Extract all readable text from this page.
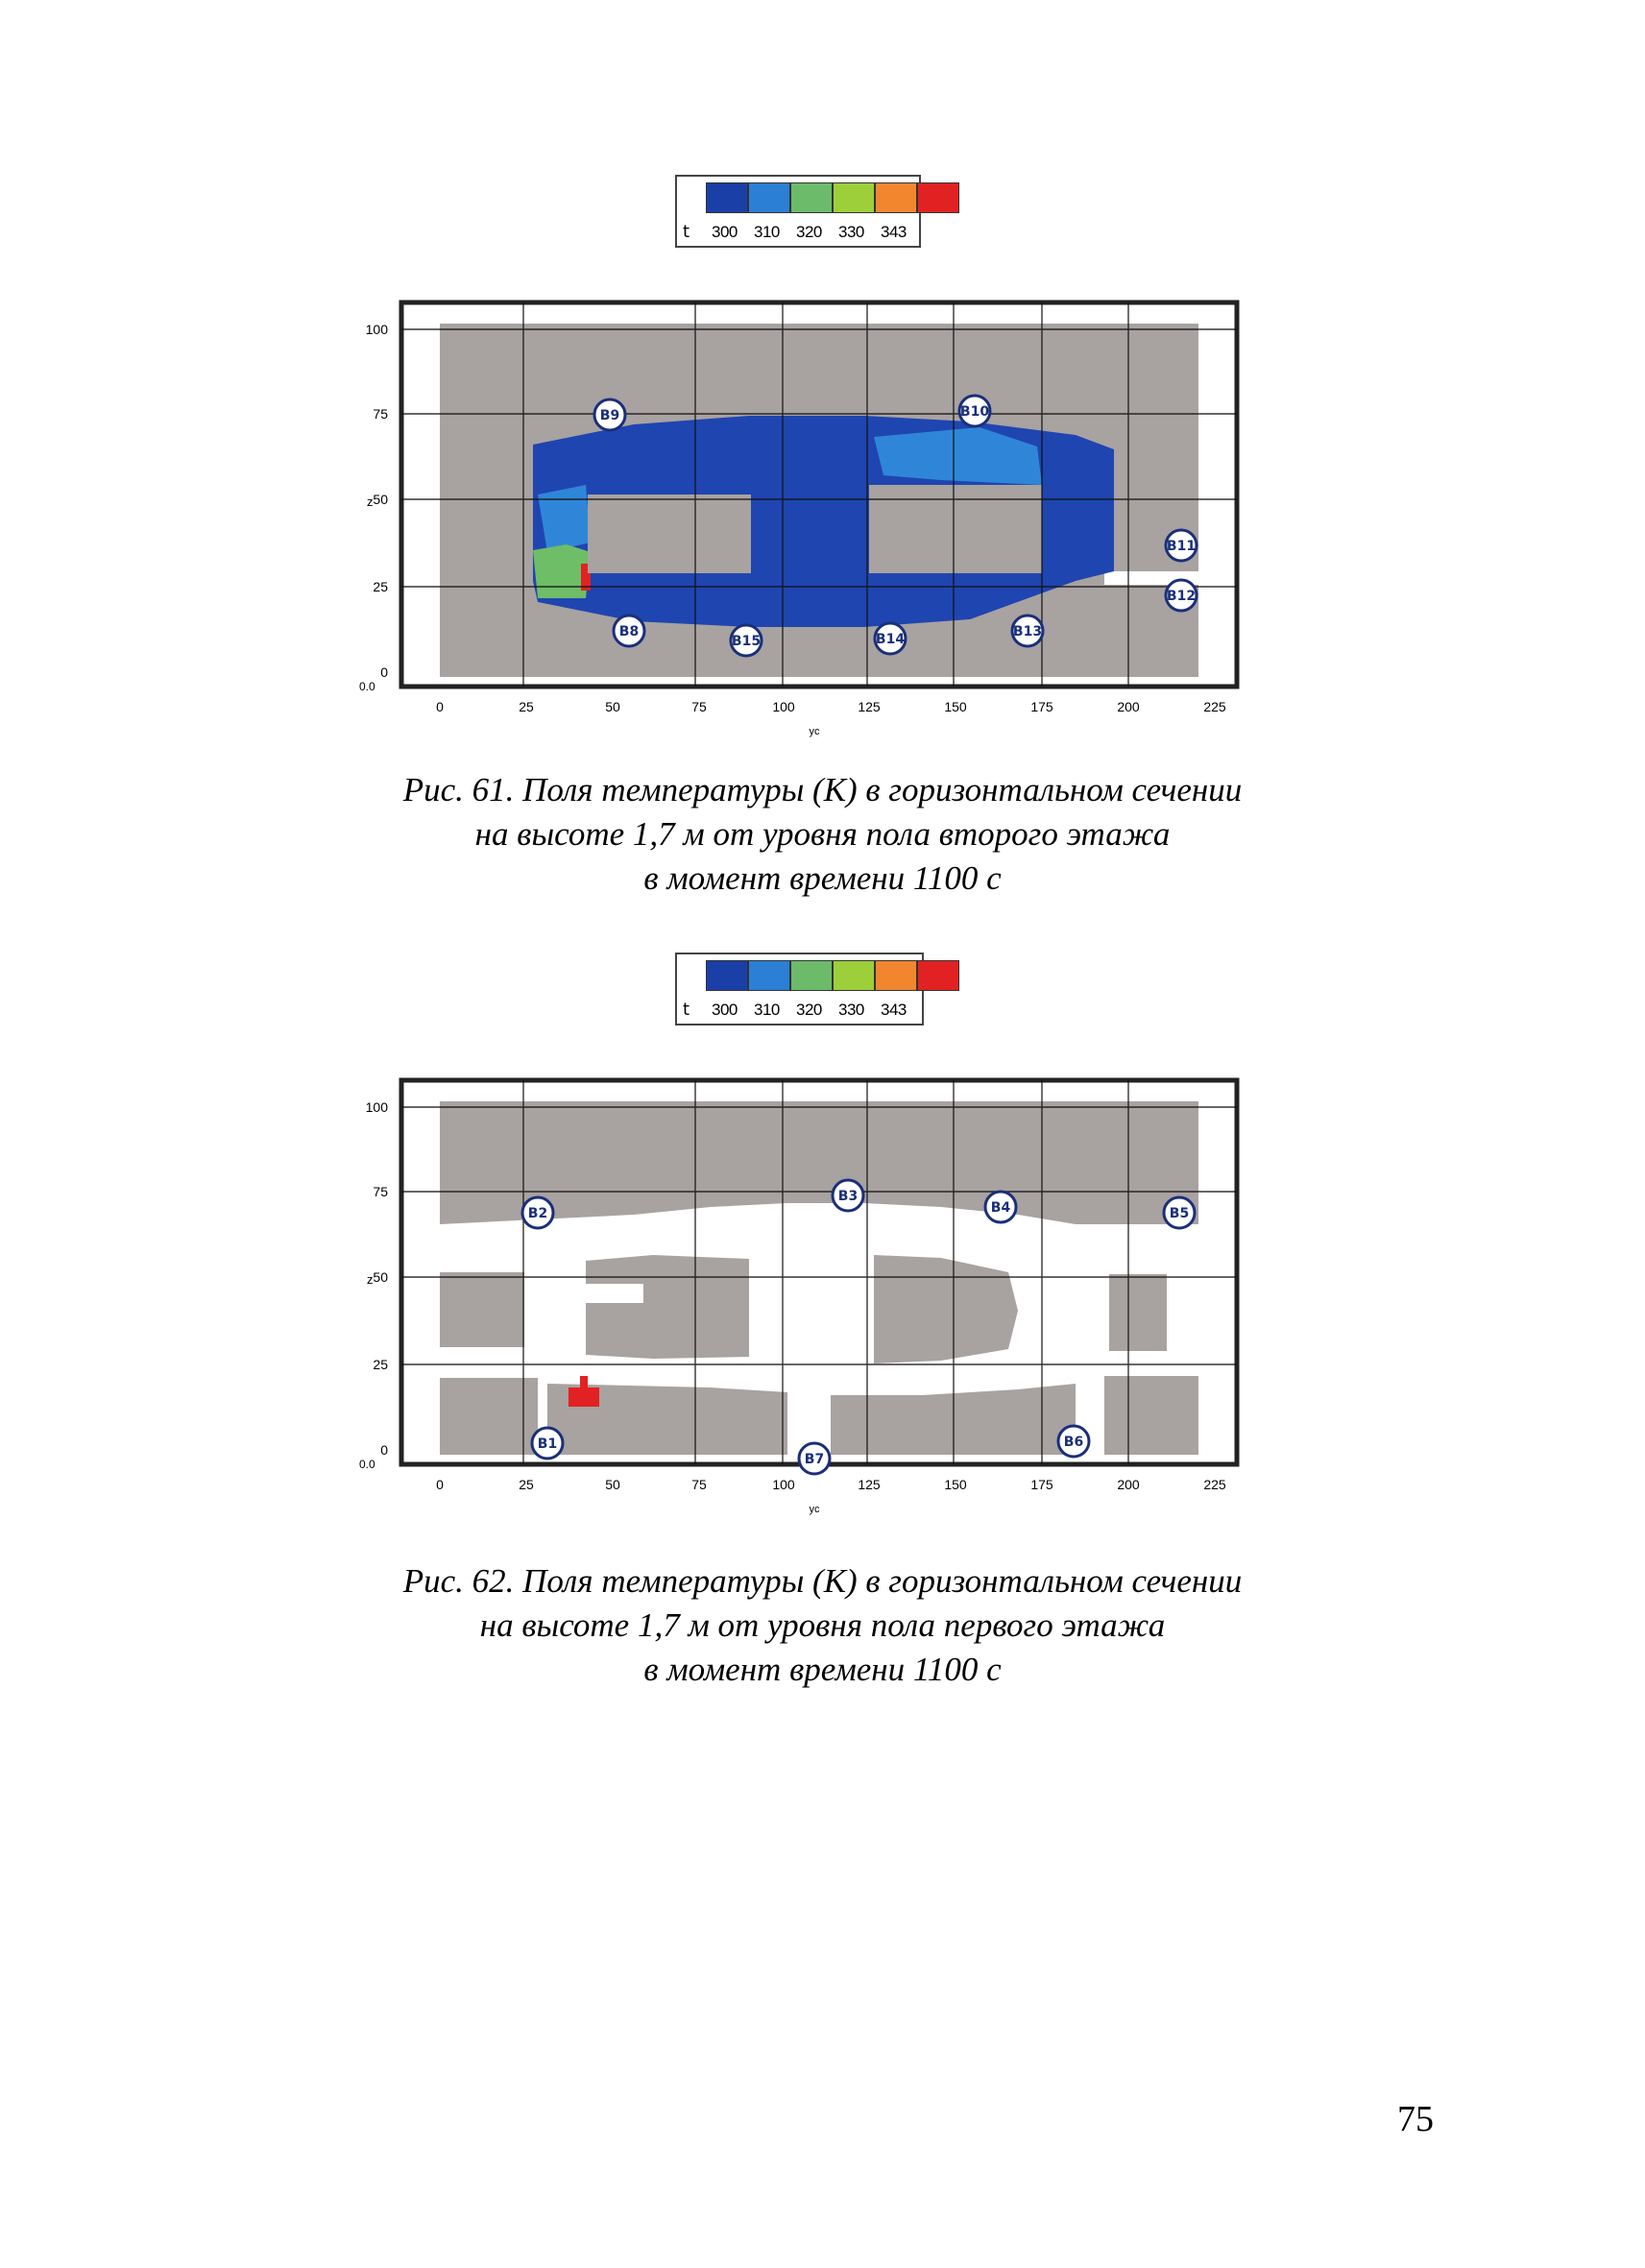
t 300 310 320 330 343
B9	B10
B11
B12
B8
B15	B14	B13
100
75
50
25
0
z
0.0
0	25	50	75	100	125	150	175	200	225
yc
Рис. 61. Поля температуры (К) в горизонтальном сечении
на высоте 1,7 м от уровня пола второго этажа
в момент времени 1100 с
t 300 310 320 330 343
B2
B3
B4	B5
B1
B7
B6
100
75
50
25
0
z
0.0
0	25	50	75	100	125	150	175	200	225
yc
Рис. 62. Поля температуры (К) в горизонтальном сечении
на высоте 1,7 м от уровня пола первого этажа
в момент времени 1100 с
75
